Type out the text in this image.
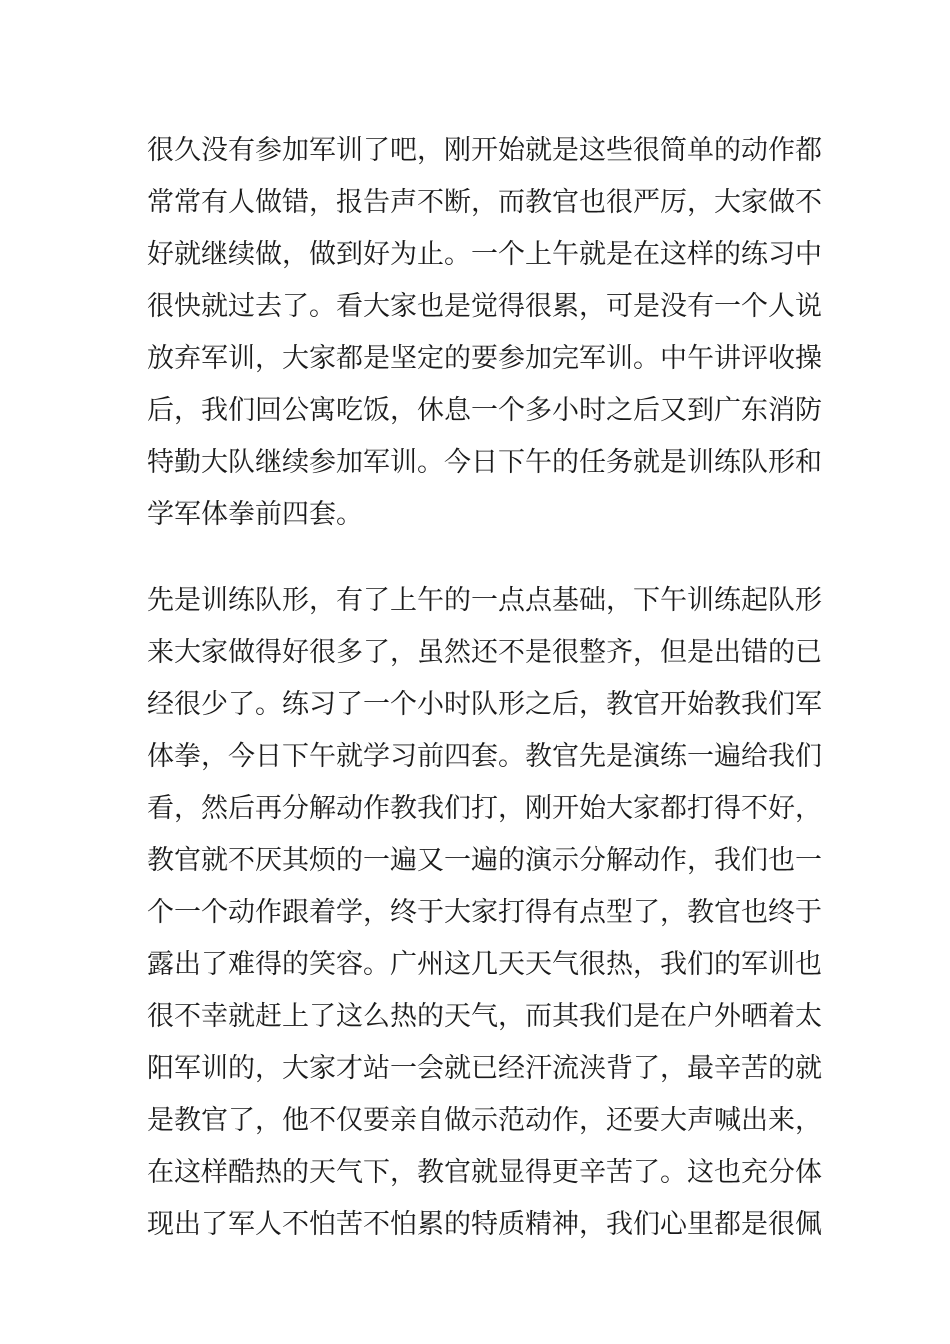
很久没有参加军训了吧，刚开始就是这些很简单的动作都
常常有人做错，报告声不断，而教官也很严厉，大家做不
好就继续做，做到好为止。一个上午就是在这样的练习中
很快就过去了。看大家也是觉得很累，可是没有一个人说
放弃军训，大家都是坚定的要参加完军训。中午讲评收操
后，我们回公寓吃饭，休息一个多小时之后又到广东消防
特勤大队继续参加军训。今日下午的任务就是训练队形和
学军体拳前四套。
先是训练队形，有了上午的一点点基础，下午训练起队形
来大家做得好很多了，虽然还不是很整齐，但是出错的已
经很少了。练习了一个小时队形之后，教官开始教我们军
体拳，今日下午就学习前四套。教官先是演练一遍给我们
看，然后再分解动作教我们打，刚开始大家都打得不好，
教官就不厌其烦的一遍又一遍的演示分解动作，我们也一
个一个动作跟着学，终于大家打得有点型了，教官也终于
露出了难得的笑容。广州这几天天气很热，我们的军训也
很不幸就赶上了这么热的天气，而其我们是在户外晒着太
阳军训的，大家才站一会就已经汗流浃背了，最辛苦的就
是教官了，他不仅要亲自做示范动作，还要大声喊出来，
在这样酷热的天气下，教官就显得更辛苦了。这也充分体
现出了军人不怕苦不怕累的特质精神，我们心里都是很佩
